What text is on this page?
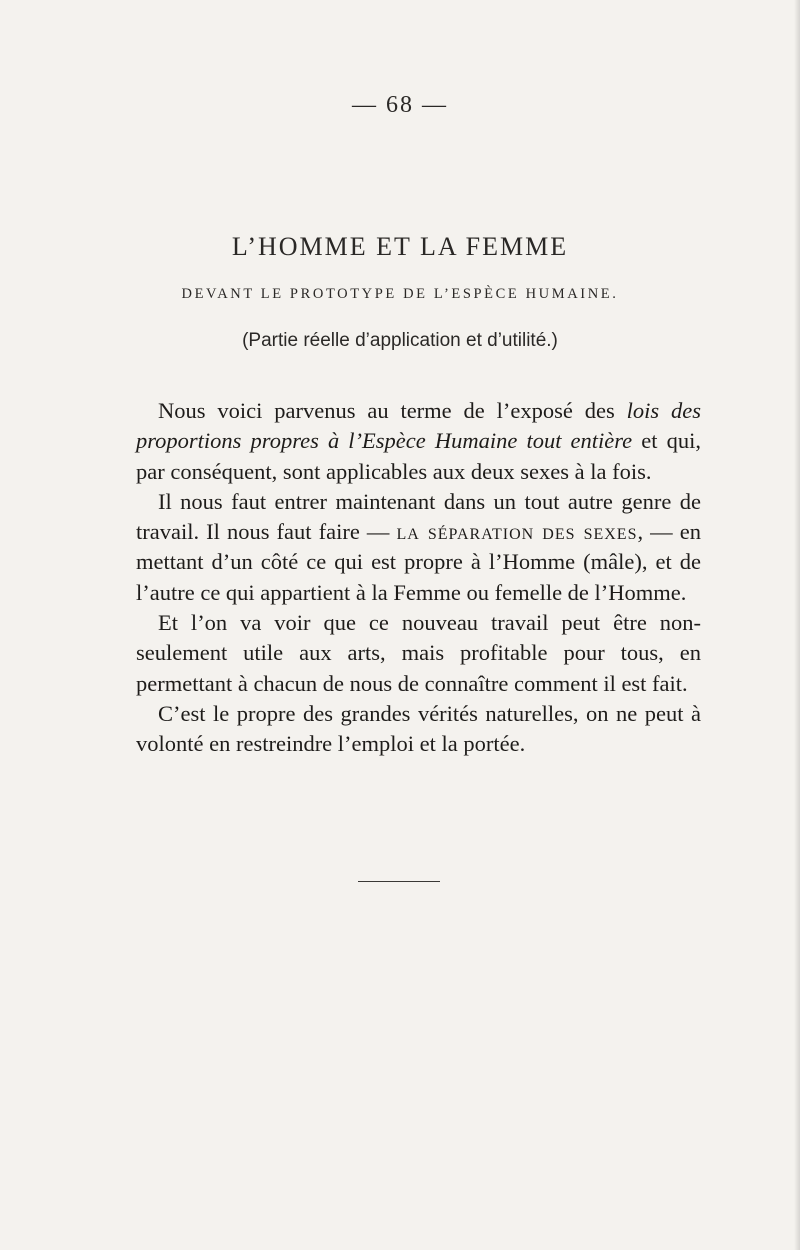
— 68 —
L’HOMME ET LA FEMME
DEVANT LE PROTOTYPE DE L’ESPÈCE HUMAINE.
(Partie réelle d’application et d’utilité.)

Nous voici parvenus au terme de l’exposé des lois des proportions propres à l’Espèce Humaine tout entière et qui, par conséquent, sont applicables aux deux sexes à la fois.

Il nous faut entrer maintenant dans un tout autre genre de travail. Il nous faut faire — la séparation des sexes, — en mettant d’un côté ce qui est propre à l’Homme (mâle), et de l’autre ce qui appartient à la Femme ou femelle de l’Homme.

Et l’on va voir que ce nouveau travail peut être non-seulement utile aux arts, mais profitable pour tous, en permettant à chacun de nous de connaître comment il est fait.

C’est le propre des grandes vérités naturelles, on ne peut à volonté en restreindre l’emploi et la portée.
